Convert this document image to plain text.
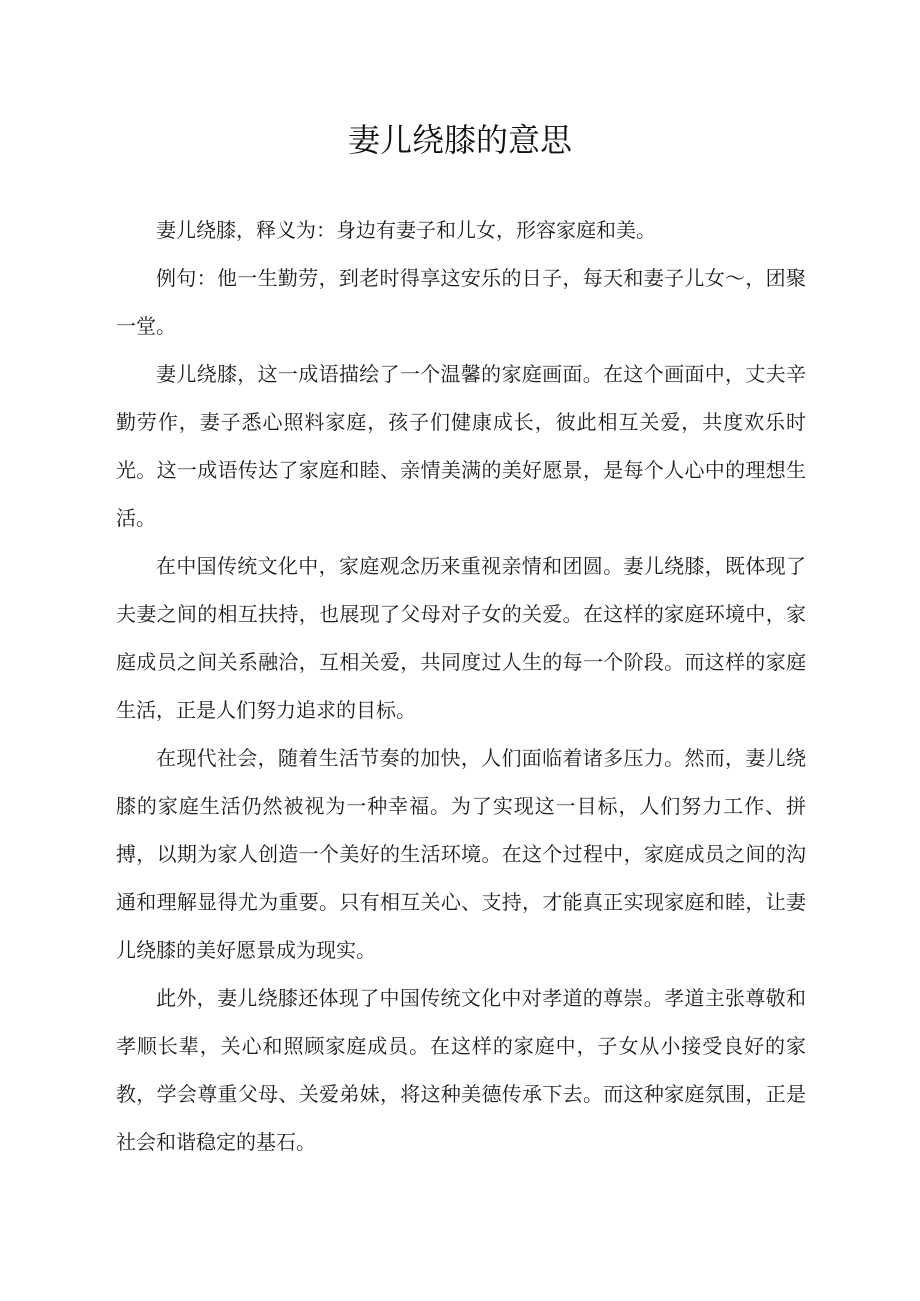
妻儿绕膝的意思

妻儿绕膝，释义为：身边有妻子和儿女，形容家庭和美。

例句：他一生勤劳，到老时得享这安乐的日子，每天和妻子儿女～，团聚一堂。

妻儿绕膝，这一成语描绘了一个温馨的家庭画面。在这个画面中，丈夫辛勤劳作，妻子悉心照料家庭，孩子们健康成长，彼此相互关爱，共度欢乐时光。这一成语传达了家庭和睦、亲情美满的美好愿景，是每个人心中的理想生活。

在中国传统文化中，家庭观念历来重视亲情和团圆。妻儿绕膝，既体现了夫妻之间的相互扶持，也展现了父母对子女的关爱。在这样的家庭环境中，家庭成员之间关系融洽，互相关爱，共同度过人生的每一个阶段。而这样的家庭生活，正是人们努力追求的目标。

在现代社会，随着生活节奏的加快，人们面临着诸多压力。然而，妻儿绕膝的家庭生活仍然被视为一种幸福。为了实现这一目标，人们努力工作、拼搏，以期为家人创造一个美好的生活环境。在这个过程中，家庭成员之间的沟通和理解显得尤为重要。只有相互关心、支持，才能真正实现家庭和睦，让妻儿绕膝的美好愿景成为现实。

此外，妻儿绕膝还体现了中国传统文化中对孝道的尊崇。孝道主张尊敬和孝顺长辈，关心和照顾家庭成员。在这样的家庭中，子女从小接受良好的家教，学会尊重父母、关爱弟妹，将这种美德传承下去。而这种家庭氛围，正是社会和谐稳定的基石。
